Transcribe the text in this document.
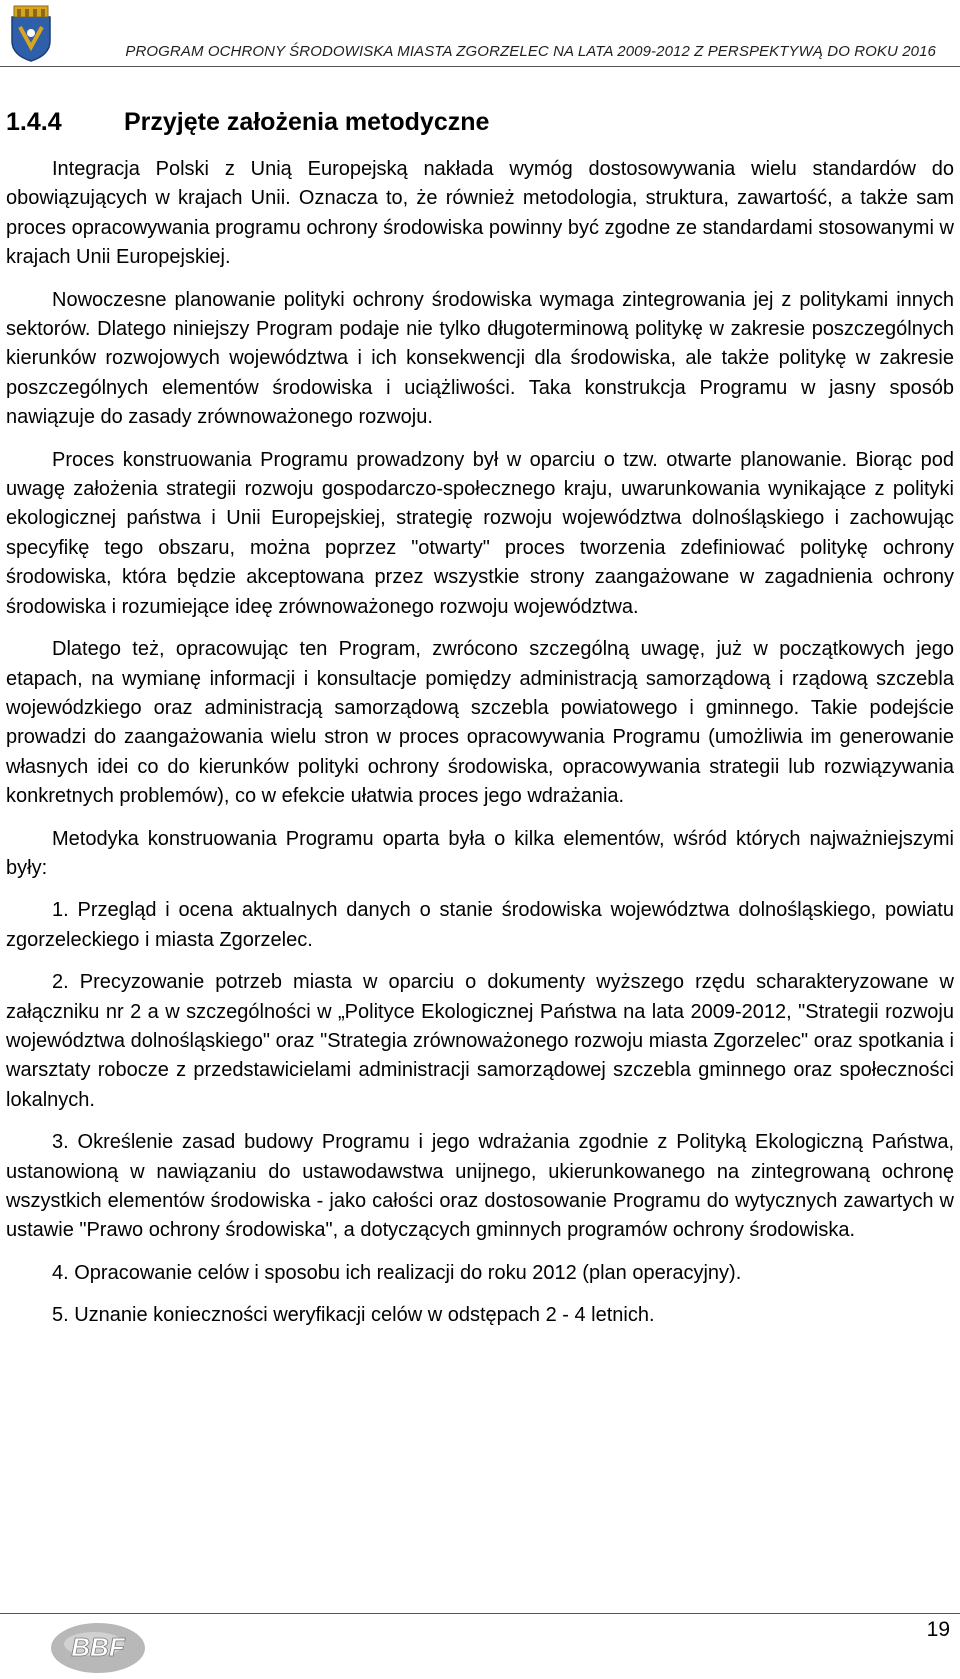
PROGRAM OCHRONY ŚRODOWISKA MIASTA ZGORZELEC NA LATA 2009-2012 Z PERSPEKTYWĄ DO ROKU 2016
1.4.4 Przyjęte założenia metodyczne

Integracja Polski z Unią Europejską nakłada wymóg dostosowywania wielu standardów do obowiązujących w krajach Unii. Oznacza to, że również metodologia, struktura, zawartość, a także sam proces opracowywania programu ochrony środowiska powinny być zgodne ze standardami stosowanymi w krajach Unii Europejskiej.

Nowoczesne planowanie polityki ochrony środowiska wymaga zintegrowania jej z politykami innych sektorów. Dlatego niniejszy Program podaje nie tylko długoterminową politykę w zakresie poszczególnych kierunków rozwojowych województwa i ich konsekwencji dla środowiska, ale także politykę w zakresie poszczególnych elementów środowiska i uciążliwości. Taka konstrukcja Programu w jasny sposób nawiązuje do zasady zrównoważonego rozwoju.

Proces konstruowania Programu prowadzony był w oparciu o tzw. otwarte planowanie. Biorąc pod uwagę założenia strategii rozwoju gospodarczo-społecznego kraju, uwarunkowania wynikające z polityki ekologicznej państwa i Unii Europejskiej, strategię rozwoju województwa dolnośląskiego i zachowując specyfikę tego obszaru, można poprzez "otwarty" proces tworzenia zdefiniować politykę ochrony środowiska, która będzie akceptowana przez wszystkie strony zaangażowane w zagadnienia ochrony środowiska i rozumiejące ideę zrównoważonego rozwoju województwa.

Dlatego też, opracowując ten Program, zwrócono szczególną uwagę, już w początkowych jego etapach, na wymianę informacji i konsultacje pomiędzy administracją samorządową i rządową szczebla wojewódzkiego oraz administracją samorządową szczebla powiatowego i gminnego. Takie podejście prowadzi do zaangażowania wielu stron w proces opracowywania Programu (umożliwia im generowanie własnych idei co do kierunków polityki ochrony środowiska, opracowywania strategii lub rozwiązywania konkretnych problemów), co w efekcie ułatwia proces jego wdrażania.

Metodyka konstruowania Programu oparta była o kilka elementów, wśród których najważniejszymi były:

1. Przegląd i ocena aktualnych danych o stanie środowiska województwa dolnośląskiego, powiatu zgorzeleckiego i miasta Zgorzelec.

2. Precyzowanie potrzeb miasta w oparciu o dokumenty wyższego rzędu scharakteryzowane w załączniku nr 2 a w szczególności w „Polityce Ekologicznej Państwa na lata 2009-2012, "Strategii rozwoju województwa dolnośląskiego" oraz "Strategia zrównoważonego rozwoju miasta Zgorzelec" oraz spotkania i warsztaty robocze z przedstawicielami administracji samorządowej szczebla gminnego oraz społeczności lokalnych.

3. Określenie zasad budowy Programu i jego wdrażania zgodnie z Polityką Ekologiczną Państwa, ustanowioną w nawiązaniu do ustawodawstwa unijnego, ukierunkowanego na zintegrowaną ochronę wszystkich elementów środowiska - jako całości oraz dostosowanie Programu do wytycznych zawartych w ustawie "Prawo ochrony środowiska", a dotyczących gminnych programów ochrony środowiska.

4. Opracowanie celów i sposobu ich realizacji do roku 2012 (plan operacyjny).

5. Uznanie konieczności weryfikacji celów w odstępach 2 - 4 letnich.

BBF
19
